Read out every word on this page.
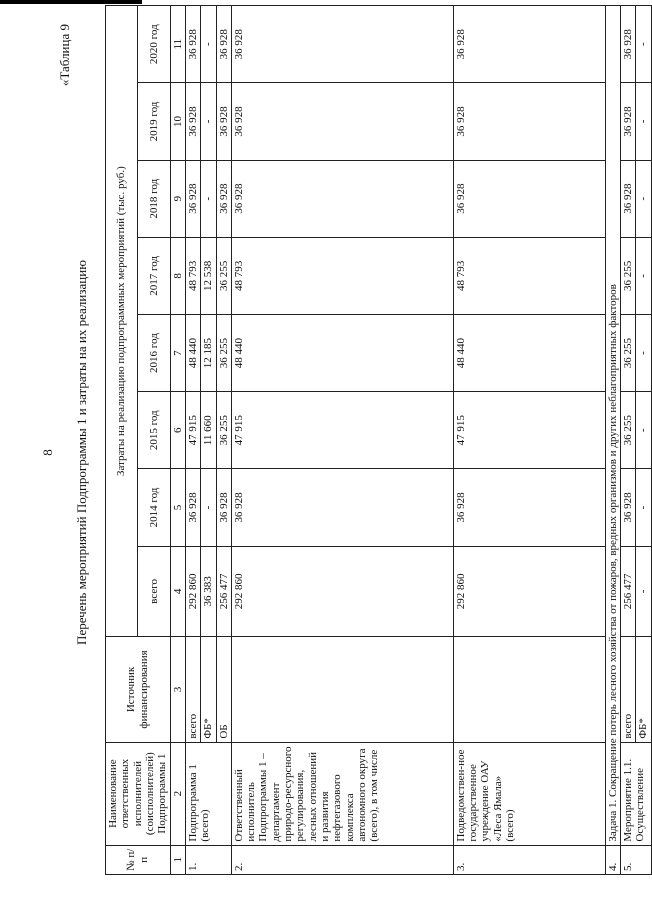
8
«Таблица 9
Перечень мероприятий Подпрограммы 1 и затраты на их реализацию
№ п/п	Наименование ответственных исполнителей (соисполнителей) Подпрограммы 1	Источник финансирования	Затраты на реализацию подпрограммных мероприятий (тыс. руб.)							
			всего	2014 год	2015 год	2016 год	2017 год	2018 год	2019 год	2020 год
1	2	3	4	5	6	7	8	9	10	11
1.	Подпрограмма 1 (всего)	всего	292 860	36 928	47 915	48 440	48 793	36 928	36 928	36 928
		ФБ*	36 383	-	11 660	12 185	12 538	-	-	-
		ОБ	256 477	36 928	36 255	36 255	36 255	36 928	36 928	36 928
2.	Ответственный исполнитель Подпрограммы 1 – департамент природо-ресурсного регулирования, лесных отношений и развития нефтегазового комплекса автономного округа (всего), в том числе		292 860	36 928	47 915	48 440	48 793	36 928	36 928	36 928
3.	Подведомствен-ное государственное учреждение ОАУ «Леса Ямала» (всего)		292 860	36 928	47 915	48 440	48 793	36 928	36 928	36 928
4.	Задача 1. Сокращение потерь лесного хозяйства от пожаров, вредных организмов и других неблагоприятных факторов									
5.	Мероприятие 1.1. Осуществление	всего	256 477	36 928	36 255	36 255	36 255	36 928	36 928	36 928
		ФБ*	-	-	-	-	-	-	-	-
